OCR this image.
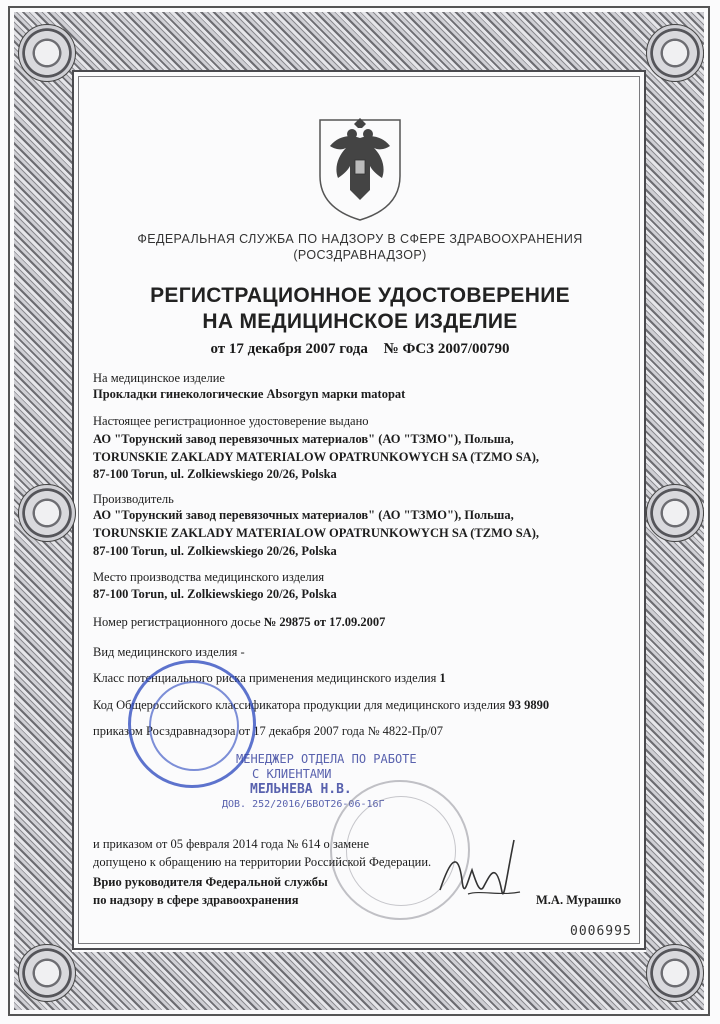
ФЕДЕРАЛЬНАЯ СЛУЖБА ПО НАДЗОРУ В СФЕРЕ ЗДРАВООХРАНЕНИЯ
(РОСЗДРАВНАДЗОР)
РЕГИСТРАЦИОННОЕ УДОСТОВЕРЕНИЕ
НА МЕДИЦИНСКОЕ ИЗДЕЛИЕ
от 17 декабря 2007 года № ФСЗ 2007/00790
На медицинское изделие
Прокладки гинекологические Absorgyn марки matopat
Настоящее регистрационное удостоверение выдано
АО "Торунский завод перевязочных материалов" (АО "ТЗМО"), Польша,
TORUNSKIE ZAKLADY MATERIALOW OPATRUNKOWYCH SA (TZMO SA),
87-100 Torun, ul. Zolkiewskiego 20/26, Polska
Производитель
АО "Торунский завод перевязочных материалов" (АО "ТЗМО"), Польша,
TORUNSKIE ZAKLADY MATERIALOW OPATRUNKOWYCH SA (TZMO SA),
87-100 Torun, ul. Zolkiewskiego 20/26, Polska
Место производства медицинского изделия
87-100 Torun, ul. Zolkiewskiego 20/26, Polska
Номер регистрационного досье № 29875 от 17.09.2007
Вид медицинского изделия -
Класс потенциального риска применения медицинского изделия 1
Код Общероссийского классификатора продукции для медицинского изделия 93 9890
приказом Росздравнадзора от 17 декабря 2007 года № 4822-Пр/07
МЕНЕДЖЕР ОТДЕЛА ПО РАБОТЕ
С КЛИЕНТАМИ
МЕЛЬНЕВА Н.В.
ДОВ. 252/2016/БВОТ26-06-16Г
и приказом от 05 февраля 2014 года № 614 о замене
допущено к обращению на территории Российской Федерации.
Врио руководителя Федеральной службы
по надзору в сфере здравоохранения	М.А. Мурашко
0006995
